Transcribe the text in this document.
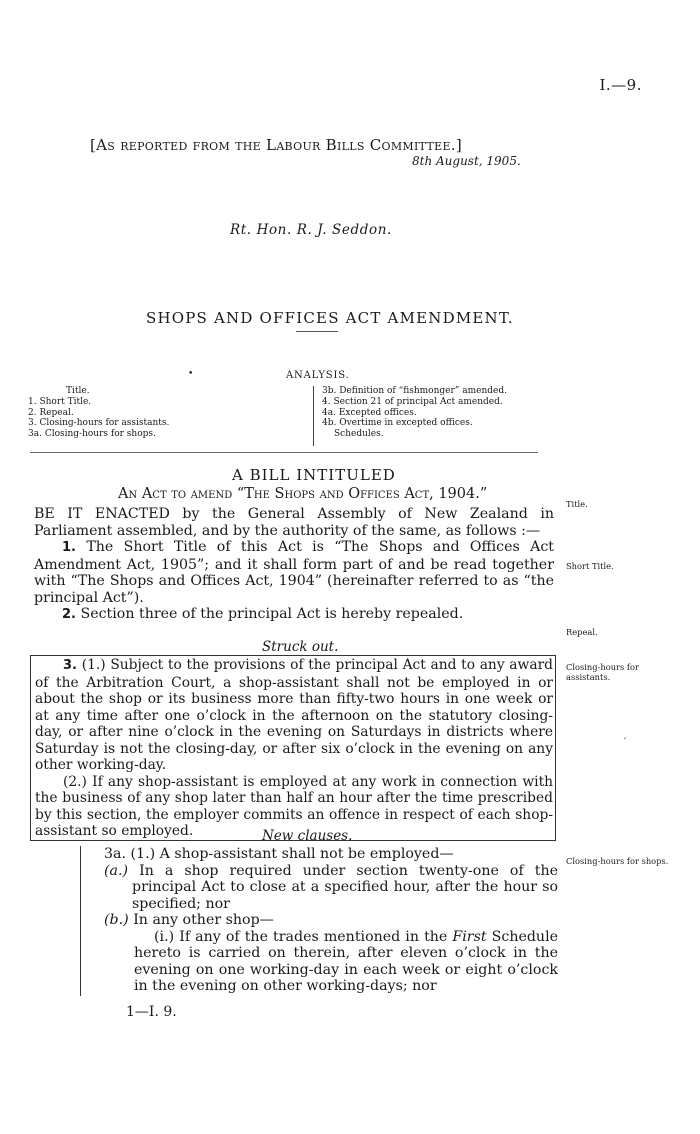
I.—9.
[As reported from the Labour Bills Committee.]
8th August, 1905.
Rt. Hon. R. J. Seddon.
SHOPS AND OFFICES ACT AMENDMENT.
•	ANALYSIS.
Title.
1. Short Title.
2. Repeal.
3. Closing-hours for assistants.
3a. Closing-hours for shops.
3b. Definition of “fishmonger” amended.
4. Section 21 of principal Act amended.
4a. Excepted offices.
4b. Overtime in excepted offices.
Schedules.
A BILL INTITULED
An Act to amend “The Shops and Offices Act, 1904.”

BE IT ENACTED by the General Assembly of New Zealand in Parliament assembled, and by the authority of the same, as follows :—

1. The Short Title of this Act is “The Shops and Offices Act Amendment Act, 1905”; and it shall form part of and be read together with “The Shops and Offices Act, 1904” (hereinafter referred to as “the principal Act”).

2. Section three of the principal Act is hereby repealed.

Struck out.

3. (1.) Subject to the provisions of the principal Act and to any award of the Arbitration Court, a shop-assistant shall not be employed in or about the shop or its business more than fifty-two hours in one week or at any time after one o’clock in the afternoon on the statutory closing-day, or after nine o’clock in the evening on Saturdays in districts where Saturday is not the closing-day, or after six o’clock in the evening on any other working-day.

(2.) If any shop-assistant is employed at any work in connection with the business of any shop later than half an hour after the time prescribed by this section, the employer commits an offence in respect of each shop-assistant so employed.	New clauses.

3a. (1.) A shop-assistant shall not be employed—

(a.) In a shop required under section twenty-one of the principal Act to close at a specified hour, after the hour so specified; nor

(b.) In any other shop—

(i.) If any of the trades mentioned in the First Schedule hereto is carried on therein, after eleven o’clock in the evening on one working-day in each week or eight o’clock in the evening on other working-days; nor

1—I. 9.
Title.
Short Title.
Repeal.
Closing-hours for assistants.
′
Closing-hours for shops.
